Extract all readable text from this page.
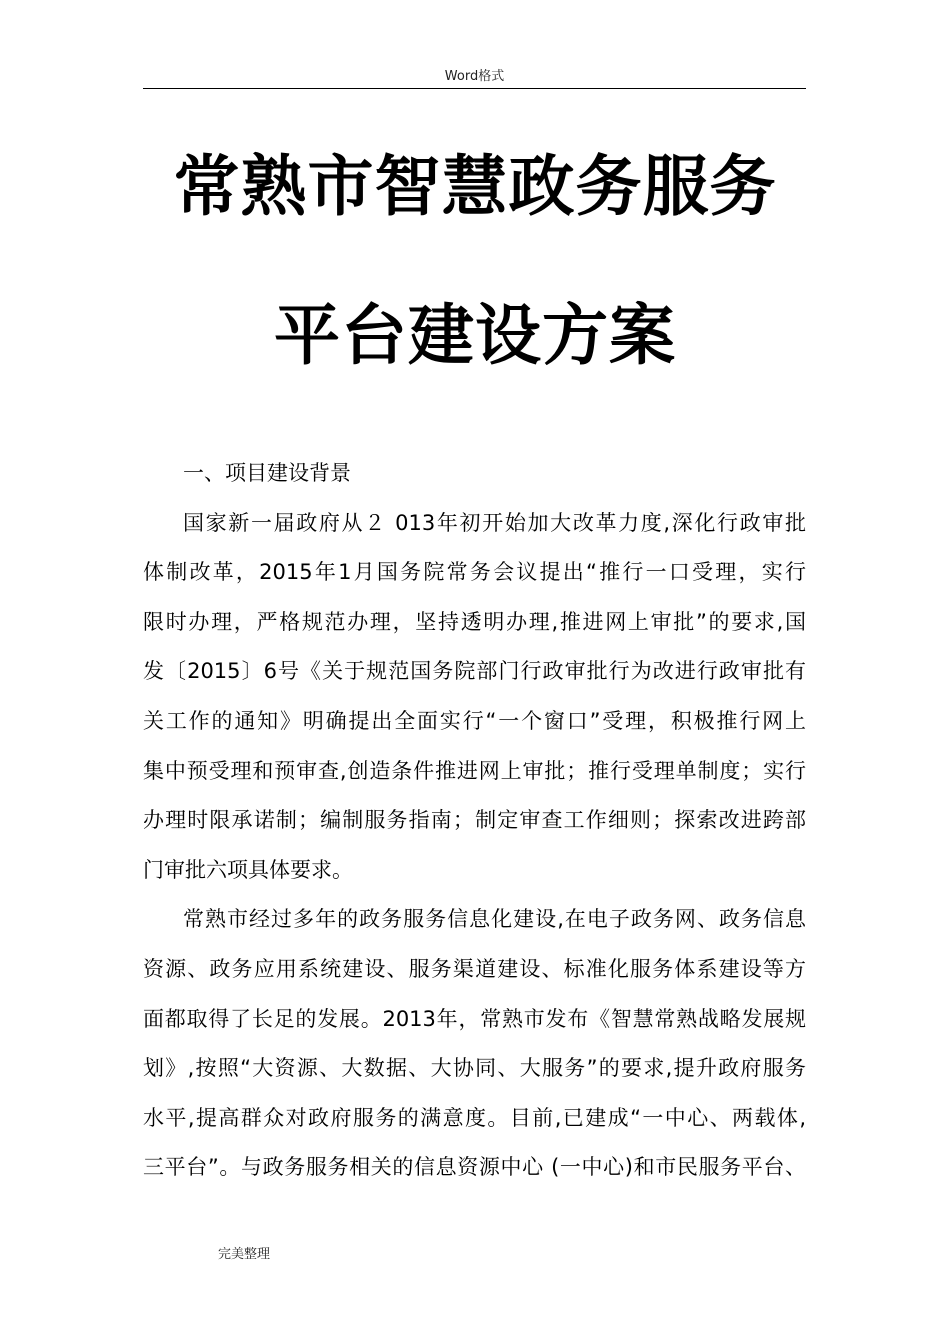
Word格式
常熟市智慧政务服务
平台建设方案
一、项目建设背景
国家新一届政府从２ 013年初开始加大改革力度,深化行政审批
体制改革，2015年1月国务院常务会议提出“推行一口受理，实行
限时办理，严格规范办理，坚持透明办理,推进网上审批”的要求,国
发〔2015〕6号《关于规范国务院部门行政审批行为改进行政审批有
关工作的通知》明确提出全面实行“一个窗口”受理，积极推行网上
集中预受理和预审查,创造条件推进网上审批；推行受理单制度；实行
办理时限承诺制；编制服务指南；制定审查工作细则；探索改进跨部
门审批六项具体要求。
常熟市经过多年的政务服务信息化建设,在电子政务网、政务信息
资源、政务应用系统建设、服务渠道建设、标准化服务体系建设等方
面都取得了长足的发展。2013年，常熟市发布《智慧常熟战略发展规
划》,按照“大资源、大数据、大协同、大服务”的要求,提升政府服务
水平,提高群众对政府服务的满意度。目前,已建成“一中心、两载体,
三平台”。与政务服务相关的信息资源中心 (一中心)和市民服务平台、
完美整理
